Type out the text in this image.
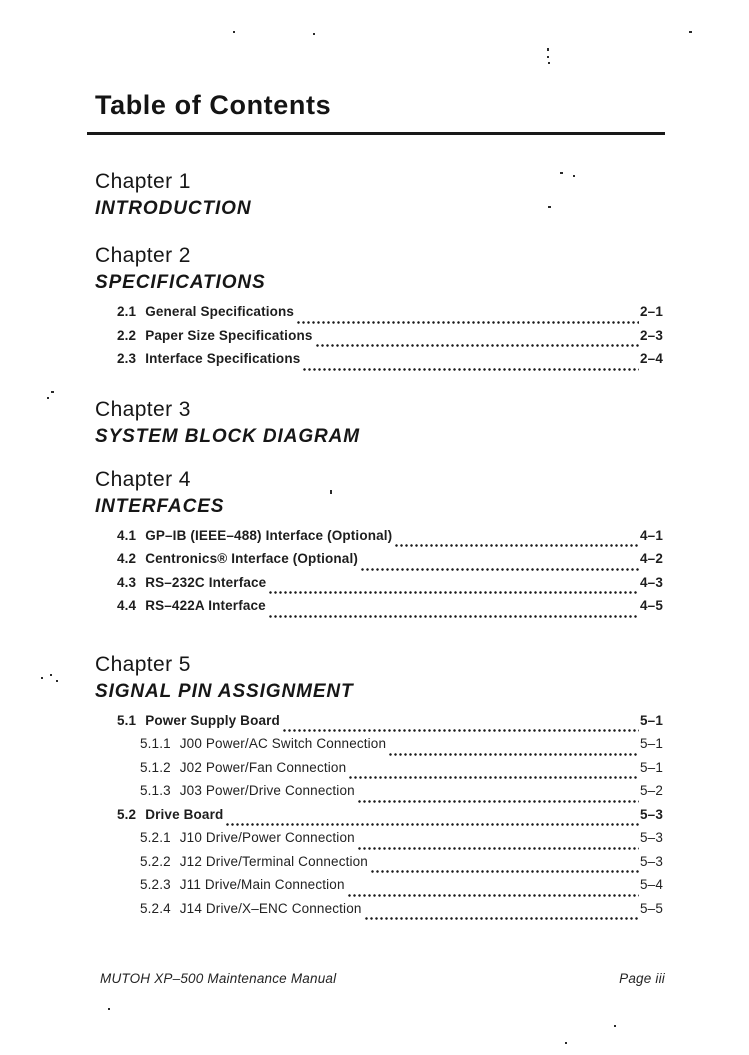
Table of Contents
Chapter 1
INTRODUCTION
Chapter 2
SPECIFICATIONS
2.1 General Specifications	2–1
2.2 Paper Size Specifications	2–3
2.3 Interface Specifications	2–4
Chapter 3
SYSTEM BLOCK DIAGRAM
Chapter 4
INTERFACES
4.1 GP–IB (IEEE–488) Interface (Optional)	4–1
4.2 Centronics® Interface (Optional)	4–2
4.3 RS–232C Interface	4–3
4.4 RS–422A Interface	4–5
Chapter 5
SIGNAL PIN ASSIGNMENT
5.1 Power Supply Board	5–1
5.1.1 J00 Power/AC Switch Connection	5–1
5.1.2 J02 Power/Fan Connection	5–1
5.1.3 J03 Power/Drive Connection	5–2
5.2 Drive Board	5–3
5.2.1 J10 Drive/Power Connection	5–3
5.2.2 J12 Drive/Terminal Connection	5–3
5.2.3 J11 Drive/Main Connection	5–4
5.2.4 J14 Drive/X–ENC Connection	5–5
MUTOH XP–500 Maintenance Manual	Page iii
